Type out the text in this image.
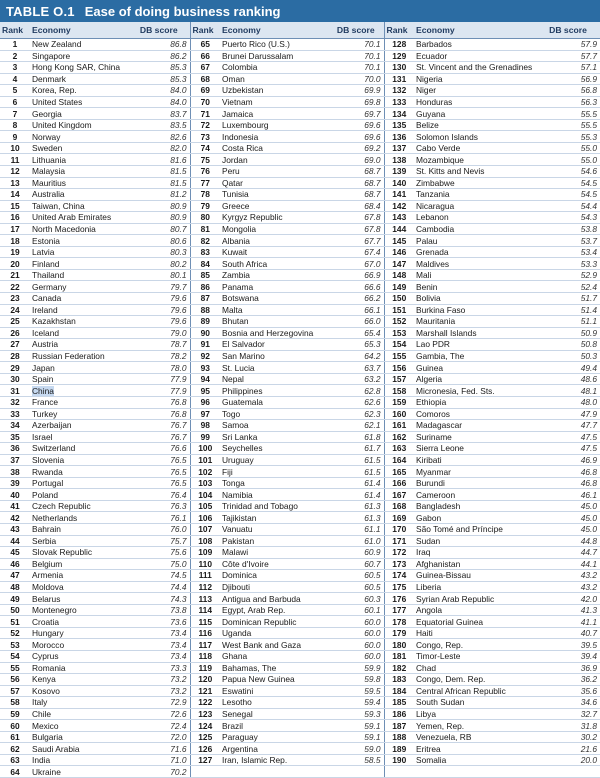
TABLE O.1 Ease of doing business ranking
Rank	Economy	DB score	Rank	Economy	DB score	Rank	Economy	DB score
1	New Zealand	86.8	65	Puerto Rico (U.S.)	70.1	128	Barbados	57.9
2	Singapore	86.2	66	Brunei Darussalam	70.1	129	Ecuador	57.7
3	Hong Kong SAR, China	85.3	67	Colombia	70.1	130	St. Vincent and the Grenadines	57.1
4	Denmark	85.3	68	Oman	70.0	131	Nigeria	56.9
5	Korea, Rep.	84.0	69	Uzbekistan	69.9	132	Niger	56.8
6	United States	84.0	70	Vietnam	69.8	133	Honduras	56.3
7	Georgia	83.7	71	Jamaica	69.7	134	Guyana	55.5
8	United Kingdom	83.5	72	Luxembourg	69.6	135	Belize	55.5
9	Norway	82.6	73	Indonesia	69.6	136	Solomon Islands	55.3
10	Sweden	82.0	74	Costa Rica	69.2	137	Cabo Verde	55.0
11	Lithuania	81.6	75	Jordan	69.0	138	Mozambique	55.0
12	Malaysia	81.5	76	Peru	68.7	139	St. Kitts and Nevis	54.6
13	Mauritius	81.5	77	Qatar	68.7	140	Zimbabwe	54.5
14	Australia	81.2	78	Tunisia	68.7	141	Tanzania	54.5
15	Taiwan, China	80.9	79	Greece	68.4	142	Nicaragua	54.4
16	United Arab Emirates	80.9	80	Kyrgyz Republic	67.8	143	Lebanon	54.3
17	North Macedonia	80.7	81	Mongolia	67.8	144	Cambodia	53.8
18	Estonia	80.6	82	Albania	67.7	145	Palau	53.7
19	Latvia	80.3	83	Kuwait	67.4	146	Grenada	53.4
20	Finland	80.2	84	South Africa	67.0	147	Maldives	53.3
21	Thailand	80.1	85	Zambia	66.9	148	Mali	52.9
22	Germany	79.7	86	Panama	66.6	149	Benin	52.4
23	Canada	79.6	87	Botswana	66.2	150	Bolivia	51.7
24	Ireland	79.6	88	Malta	66.1	151	Burkina Faso	51.4
25	Kazakhstan	79.6	89	Bhutan	66.0	152	Mauritania	51.1
26	Iceland	79.0	90	Bosnia and Herzegovina	65.4	153	Marshall Islands	50.9
27	Austria	78.7	91	El Salvador	65.3	154	Lao PDR	50.8
28	Russian Federation	78.2	92	San Marino	64.2	155	Gambia, The	50.3
29	Japan	78.0	93	St. Lucia	63.7	156	Guinea	49.4
30	Spain	77.9	94	Nepal	63.2	157	Algeria	48.6
31	China	77.9	95	Philippines	62.8	158	Micronesia, Fed. Sts.	48.1
32	France	76.8	96	Guatemala	62.6	159	Ethiopia	48.0
33	Turkey	76.8	97	Togo	62.3	160	Comoros	47.9
34	Azerbaijan	76.7	98	Samoa	62.1	161	Madagascar	47.7
35	Israel	76.7	99	Sri Lanka	61.8	162	Suriname	47.5
36	Switzerland	76.6	100	Seychelles	61.7	163	Sierra Leone	47.5
37	Slovenia	76.5	101	Uruguay	61.5	164	Kiribati	46.9
38	Rwanda	76.5	102	Fiji	61.5	165	Myanmar	46.8
39	Portugal	76.5	103	Tonga	61.4	166	Burundi	46.8
40	Poland	76.4	104	Namibia	61.4	167	Cameroon	46.1
41	Czech Republic	76.3	105	Trinidad and Tobago	61.3	168	Bangladesh	45.0
42	Netherlands	76.1	106	Tajikistan	61.3	169	Gabon	45.0
43	Bahrain	76.0	107	Vanuatu	61.1	170	São Tomé and Príncipe	45.0
44	Serbia	75.7	108	Pakistan	61.0	171	Sudan	44.8
45	Slovak Republic	75.6	109	Malawi	60.9	172	Iraq	44.7
46	Belgium	75.0	110	Côte d'Ivoire	60.7	173	Afghanistan	44.1
47	Armenia	74.5	111	Dominica	60.5	174	Guinea-Bissau	43.2
48	Moldova	74.4	112	Djibouti	60.5	175	Liberia	43.2
49	Belarus	74.3	113	Antigua and Barbuda	60.3	176	Syrian Arab Republic	42.0
50	Montenegro	73.8	114	Egypt, Arab Rep.	60.1	177	Angola	41.3
51	Croatia	73.6	115	Dominican Republic	60.0	178	Equatorial Guinea	41.1
52	Hungary	73.4	116	Uganda	60.0	179	Haiti	40.7
53	Morocco	73.4	117	West Bank and Gaza	60.0	180	Congo, Rep.	39.5
54	Cyprus	73.4	118	Ghana	60.0	181	Timor-Leste	39.4
55	Romania	73.3	119	Bahamas, The	59.9	182	Chad	36.9
56	Kenya	73.2	120	Papua New Guinea	59.8	183	Congo, Dem. Rep.	36.2
57	Kosovo	73.2	121	Eswatini	59.5	184	Central African Republic	35.6
58	Italy	72.9	122	Lesotho	59.4	185	South Sudan	34.6
59	Chile	72.6	123	Senegal	59.3	186	Libya	32.7
60	Mexico	72.4	124	Brazil	59.1	187	Yemen, Rep.	31.8
61	Bulgaria	72.0	125	Paraguay	59.1	188	Venezuela, RB	30.2
62	Saudi Arabia	71.6	126	Argentina	59.0	189	Eritrea	21.6
63	India	71.0	127	Iran, Islamic Rep.	58.5	190	Somalia	20.0
64	Ukraine	70.2						
